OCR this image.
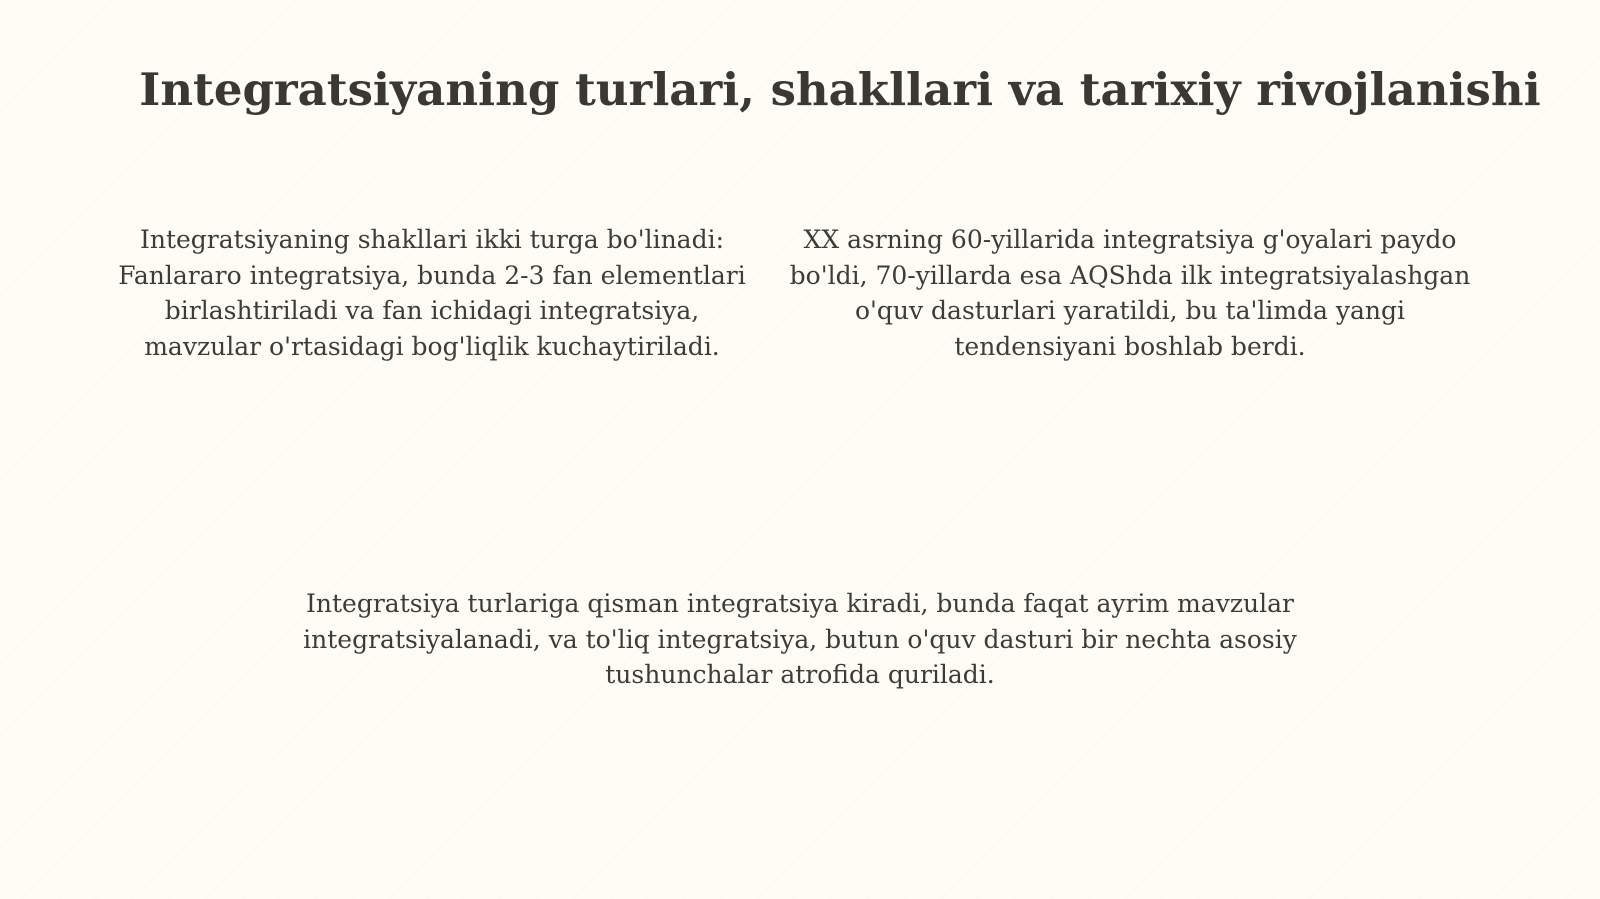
Integratsiyaning turlari, shakllari va tarixiy rivojlanishi

Integratsiyaning shakllari ikki turga bo'linadi: Fanlararo integratsiya, bunda 2-3 fan elementlari birlashtiriladi va fan ichidagi integratsiya, mavzular o'rtasidagi bog'liqlik kuchaytiriladi.

XX asrning 60-yillarida integratsiya g'oyalari paydo bo'ldi, 70-yillarda esa AQShda ilk integratsiyalashgan o'quv dasturlari yaratildi, bu ta'limda yangi tendensiyani boshlab berdi.

Integratsiya turlariga qisman integratsiya kiradi, bunda faqat ayrim mavzular integratsiyalanadi, va to'liq integratsiya, butun o'quv dasturi bir nechta asosiy tushunchalar atrofida quriladi.
